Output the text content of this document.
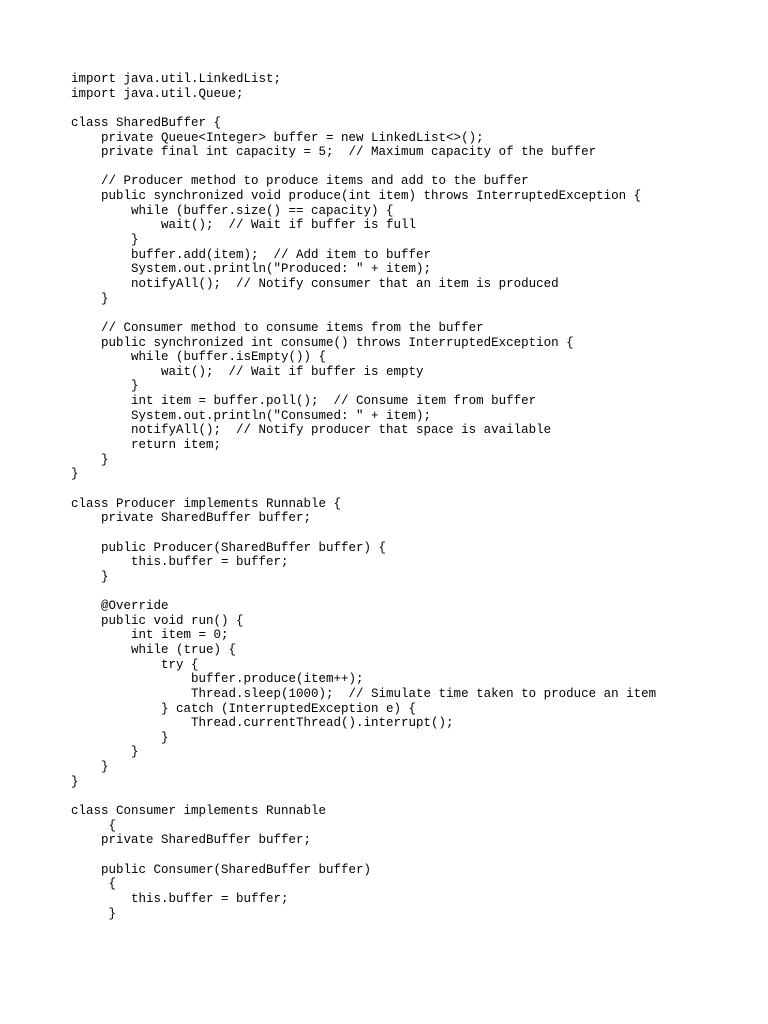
import java.util.LinkedList;
import java.util.Queue;
class SharedBuffer {
private Queue<Integer> buffer = new LinkedList<>();
private final int capacity = 5;  // Maximum capacity of the buffer
// Producer method to produce items and add to the buffer
public synchronized void produce(int item) throws InterruptedException {
while (buffer.size() == capacity) {
wait();  // Wait if buffer is full
}
buffer.add(item);  // Add item to buffer
System.out.println("Produced: " + item);
notifyAll();  // Notify consumer that an item is produced
}
// Consumer method to consume items from the buffer
public synchronized int consume() throws InterruptedException {
while (buffer.isEmpty()) {
wait();  // Wait if buffer is empty
}
int item = buffer.poll();  // Consume item from buffer
System.out.println("Consumed: " + item);
notifyAll();  // Notify producer that space is available
return item;
}
}
class Producer implements Runnable {
private SharedBuffer buffer;
public Producer(SharedBuffer buffer) {
this.buffer = buffer;
}
@Override
public void run() {
int item = 0;
while (true) {
try {
buffer.produce(item++);
Thread.sleep(1000);  // Simulate time taken to produce an item
} catch (InterruptedException e) {
Thread.currentThread().interrupt();
}
}
}
}
class Consumer implements Runnable
{
private SharedBuffer buffer;
public Consumer(SharedBuffer buffer)
{
this.buffer = buffer;
}
